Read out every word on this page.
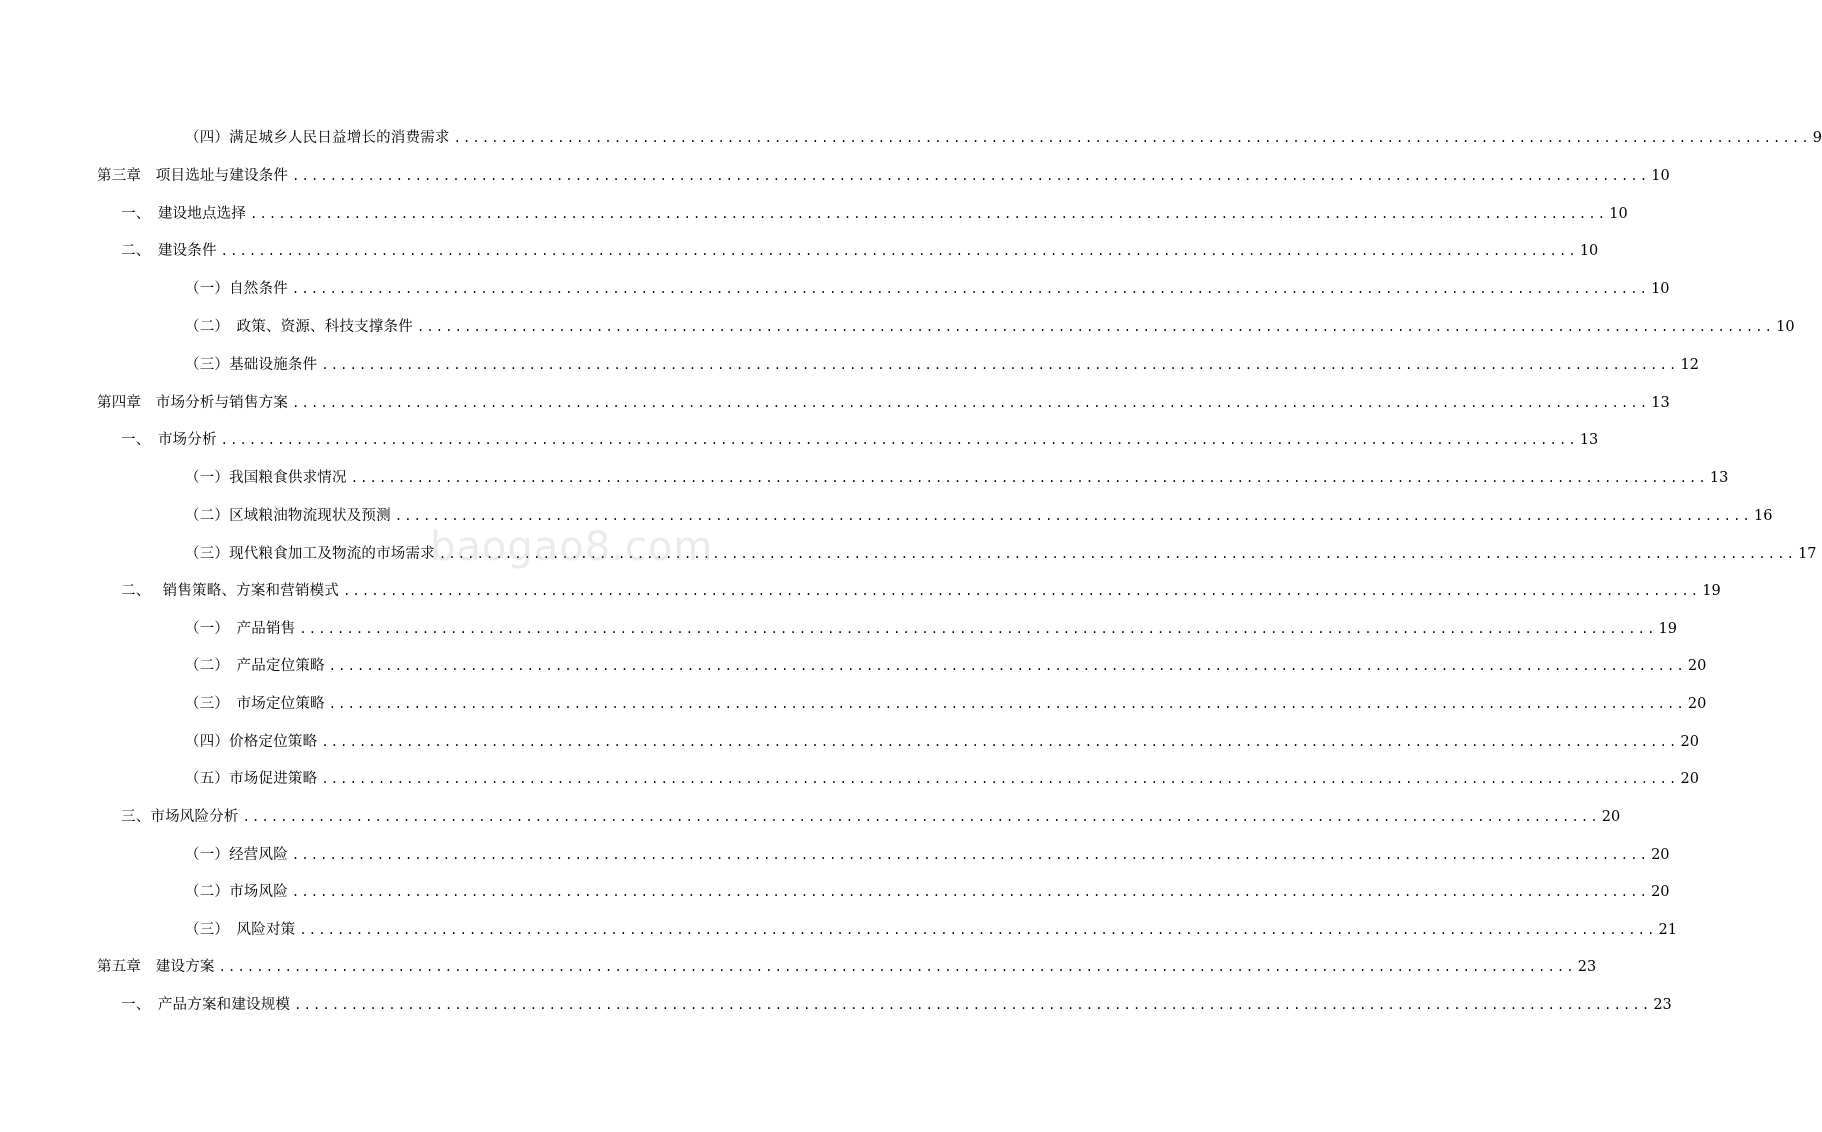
（四）满足城乡人民日益增长的消费需求 ................................................................................................................................................ 9
第三章　项目选址与建设条件 ................................................................................................................................................ 10
一、　建设地点选择 ................................................................................................................................................ 10
二、　建设条件 ................................................................................................................................................ 10
（一）自然条件 ................................................................................................................................................ 10
（二）　政策、资源、科技支撑条件 ................................................................................................................................................ 10
（三）基础设施条件 ................................................................................................................................................ 12
第四章　市场分析与销售方案 ................................................................................................................................................ 13
一、　市场分析 ................................................................................................................................................ 13
（一）我国粮食供求情况 ................................................................................................................................................ 13
（二）区域粮油物流现状及预测 ................................................................................................................................................ 16
（三）现代粮食加工及物流的市场需求 ................................................................................................................................................ 17
二、　 销售策略、方案和营销模式 ................................................................................................................................................ 19
（一）　产品销售 ................................................................................................................................................ 19
（二）　产品定位策略 ................................................................................................................................................ 20
（三）　市场定位策略 ................................................................................................................................................ 20
（四）价格定位策略 ................................................................................................................................................ 20
（五）市场促进策略 ................................................................................................................................................ 20
三、市场风险分析 ................................................................................................................................................ 20
（一）经营风险 ................................................................................................................................................ 20
（二）市场风险 ................................................................................................................................................ 20
（三）　风险对策 ................................................................................................................................................ 21
第五章　建设方案 ................................................................................................................................................ 23
一、　产品方案和建设规模 ................................................................................................................................................ 23
baogao8.com
